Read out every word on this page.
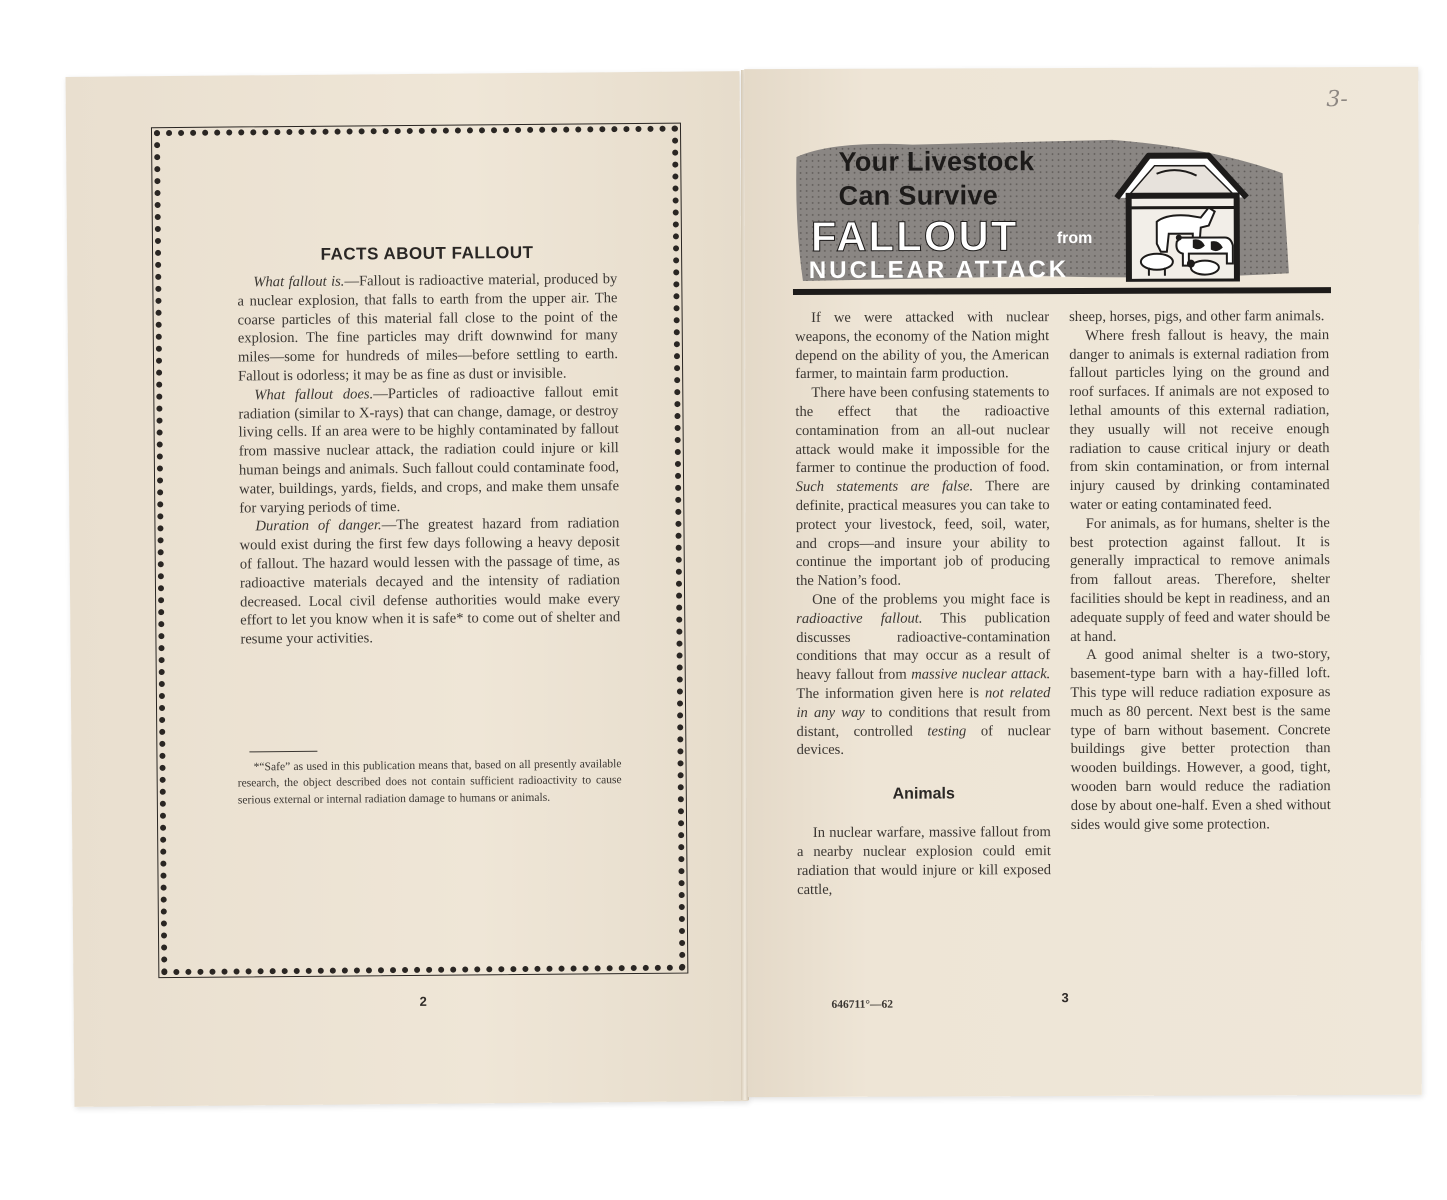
FACTS ABOUT FALLOUT

What fallout is.—Fallout is radioactive material, produced by a nuclear explosion, that falls to earth from the upper air. The coarse particles of this material fall close to the point of the explosion. The fine particles may drift downwind for many miles—some for hundreds of miles—before settling to earth. Fallout is odorless; it may be as fine as dust or invisible.

What fallout does.—Particles of radioactive fallout emit radiation (similar to X-rays) that can change, damage, or destroy living cells. If an area were to be highly contaminated by fallout from massive nuclear attack, the radiation could injure or kill human beings and animals. Such fallout could contaminate food, water, buildings, yards, fields, and crops, and make them unsafe for varying periods of time.

Duration of danger.—The greatest hazard from radiation would exist during the first few days following a heavy deposit of fallout. The hazard would lessen with the passage of time, as radioactive materials decayed and the intensity of radiation decreased. Local civil defense authorities would make every effort to let you know when it is safe* to come out of shelter and resume your activities.

*“Safe” as used in this publication means that, based on all presently available research, the object described does not contain sufficient radioactivity to cause serious external or internal radiation damage to humans or animals.

2
3-
Your Livestock
Can Survive
FALLOUT from
NUCLEAR ATTACK

If we were attacked with nuclear weapons, the economy of the Nation might depend on the ability of you, the American farmer, to maintain farm production.

There have been confusing statements to the effect that the radioactive contamination from an all-out nuclear attack would make it impossible for the farmer to continue the production of food. Such statements are false. There are definite, practical measures you can take to protect your livestock, feed, soil, water, and crops—and insure your ability to continue the important job of producing the Nation’s food.

One of the problems you might face is radioactive fallout. This publication discusses radioactive-contamination conditions that may occur as a result of heavy fallout from massive nuclear attack. The information given here is not related in any way to conditions that result from distant, controlled testing of nuclear devices.

Animals

In nuclear warfare, massive fallout from a nearby nuclear explosion could emit radiation that would injure or kill exposed cattle,

sheep, horses, pigs, and other farm animals.

Where fresh fallout is heavy, the main danger to animals is external radiation from fallout particles lying on the ground and roof surfaces. If animals are not exposed to lethal amounts of this external radiation, they usually will not receive enough radiation to cause critical injury or death from skin contamination, or from internal injury caused by drinking contaminated water or eating contaminated feed.

For animals, as for humans, shelter is the best protection against fallout. It is generally impractical to remove animals from fallout areas. Therefore, shelter facilities should be kept in readiness, and an adequate supply of feed and water should be at hand.

A good animal shelter is a two-story, basement-type barn with a hay-filled loft. This type will reduce radiation exposure as much as 80 percent. Next best is the same type of barn without basement. Concrete buildings give better protection than wooden buildings. However, a good, tight, wooden barn would reduce the radiation dose by about one-half. Even a shed without sides would give some protection.

646711°—62	3
